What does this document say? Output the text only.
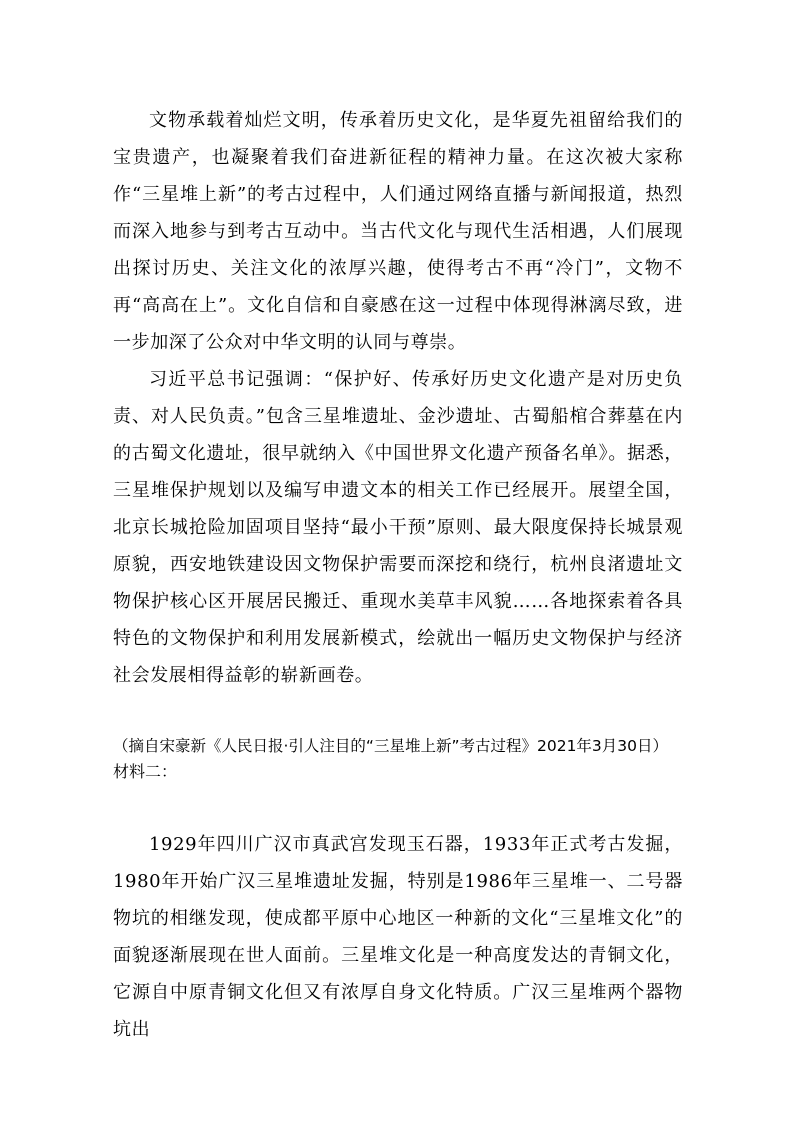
文物承载着灿烂文明，传承着历史文化，是华夏先祖留给我们的宝贵遗产，也凝聚着我们奋进新征程的精神力量。在这次被大家称作“三星堆上新”的考古过程中，人们通过网络直播与新闻报道，热烈而深入地参与到考古互动中。当古代文化与现代生活相遇，人们展现出探讨历史、关注文化的浓厚兴趣，使得考古不再“冷门”，文物不再“高高在上”。文化自信和自豪感在这一过程中体现得淋漓尽致，进一步加深了公众对中华文明的认同与尊崇。

习近平总书记强调：“保护好、传承好历史文化遗产是对历史负责、对人民负责。”包含三星堆遗址、金沙遗址、古蜀船棺合葬墓在内的古蜀文化遗址，很早就纳入《中国世界文化遗产预备名单》。据悉，三星堆保护规划以及编写申遗文本的相关工作已经展开。展望全国，北京长城抢险加固项目坚持“最小干预”原则、最大限度保持长城景观原貌，西安地铁建设因文物保护需要而深挖和绕行，杭州良渚遗址文物保护核心区开展居民搬迁、重现水美草丰风貌……各地探索着各具特色的文物保护和利用发展新模式，绘就出一幅历史文物保护与经济社会发展相得益彰的崭新画卷。

（摘自宋豪新《人民日报·引人注目的“三星堆上新”考古过程》2021年3月30日）
材料二：

1929年四川广汉市真武宫发现玉石器，1933年正式考古发掘，1980年开始广汉三星堆遗址发掘，特别是1986年三星堆一、二号器物坑的相继发现，使成都平原中心地区一种新的文化“三星堆文化”的面貌逐渐展现在世人面前。三星堆文化是一种高度发达的青铜文化，它源自中原青铜文化但又有浓厚自身文化特质。广汉三星堆两个器物坑出
